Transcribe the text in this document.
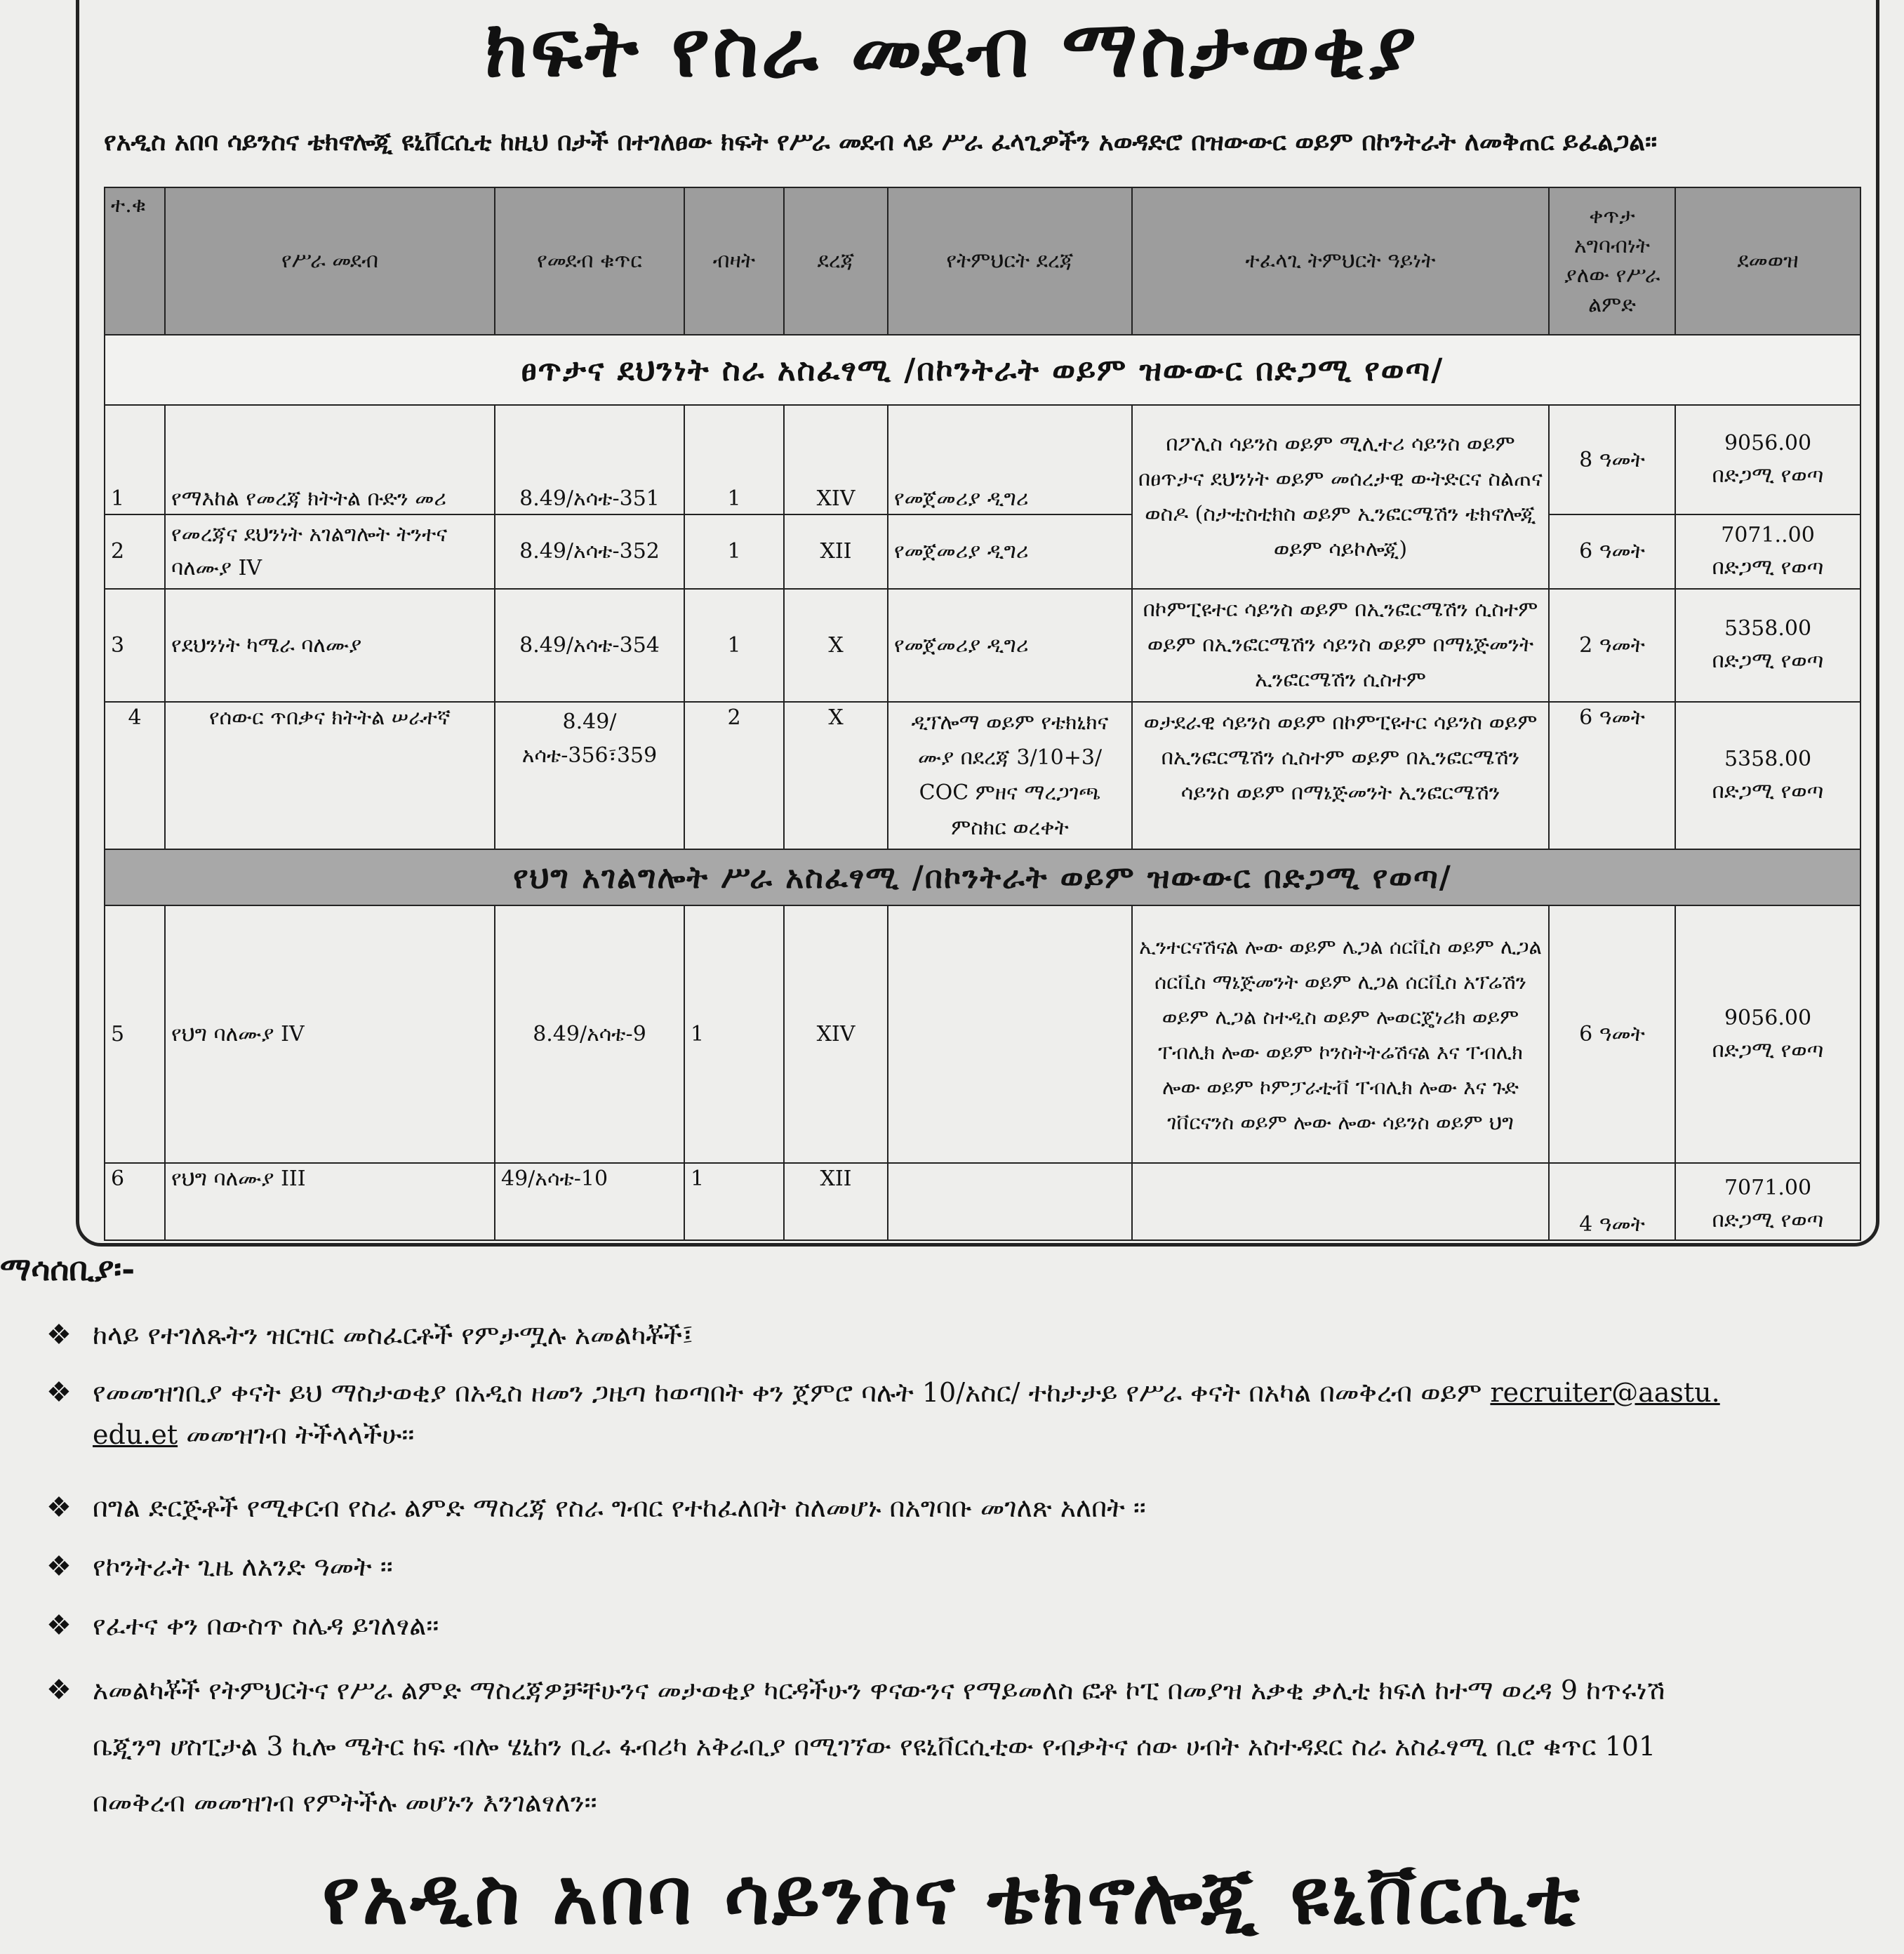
ክፍት የስራ መደብ ማስታወቂያ
የአዲስ አበባ ሳይንስና ቴክኖሎጂ ዩኒቨርሲቲ ከዚህ በታች በተገለፀው ክፍት የሥራ መደብ ላይ ሥራ ፈላጊዎችን አወዳድሮ በዝውውር ወይም በኮንትራት ለመቅጠር ይፈልጋል፡፡
ተ.ቁ	የሥራ መደብ	የመደብ ቁጥር	ብዛት	ደረጃ	የትምህርት ደረጃ	ተፈላጊ ትምህርት ዓይነት	ቀጥታ አግባብነት ያለው የሥራ ልምድ	ደመወዝ
ፀጥታና ደህንነት ስራ አስፈፃሚ /በኮንትራት ወይም ዝውውር በድጋሚ የወጣ/								
1	የማእከል የመረጃ ክትትል ቡድን መሪ	8.49/አሳቴ-351	1	XIV	የመጀመሪያ ዲግሪ	በፖሊስ ሳይንስ ወይም ሚሊተሪ ሳይንስ ወይም በፀጥታና ደህንነት ወይም መሰረታዊ ውትድርና ስልጠና ወስዶ (ስታቲስቲክስ ወይም ኢንፎርሜሽን ቴክኖሎጂ ወይም ሳይኮሎጂ)	8 ዓመት	9056.00
በድጋሚ የወጣ

2	የመረጃና ደህንነት አገልግሎት ትንተና ባለሙያ IV	8.49/አሳቴ-352	1	XII	የመጀመሪያ ዲግሪ		6 ዓመት	7071..00
በድጋሚ የወጣ

3	የደህንነት ካሜራ ባለሙያ	8.49/አሳቴ-354	1	X	የመጀመሪያ ዲግሪ	በኮምፒዩተር ሳይንስ ወይም በኢንፎርሜሽን ሲስተም ወይም በኢንፎርሜሽን ሳይንስ ወይም በማኔጅመንት ኢንፎርሜሽን ሲስተም	2 ዓመት	5358.00
በድጋሚ የወጣ

4	የሰውር ጥበቃና ክትትል ሠራተኛ	8.49/አሳቴ-356፣359	2	X	ዲፕሎማ ወይም የቴክኒክና ሙያ በደረጃ 3/10+3/ COC ምዘና ማረጋገጫ ምስክር ወረቀት	ወታደራዊ ሳይንስ ወይም በኮምፒዩተር ሳይንስ ወይም በኢንፎርሜሽን ሲስተም ወይም በኢንፎርሜሽን ሳይንስ ወይም በማኔጅመንት ኢንፎርሜሽን	6 ዓመት	5358.00
በድጋሚ የወጣ

የህግ አገልግሎት ሥራ አስፈፃሚ /በኮንትራት ወይም ዝውውር በድጋሚ የወጣ/								
5	የህግ ባለሙያ IV	8.49/አሳቴ-9	1	XIV		ኢንተርናሽናል ሎው ወይም ሌጋል ሰርቪስ ወይም ሊጋል ሰርቪስ ማኔጅመንት ወይም ሊጋል ሰርቪስ አፕሬሽን ወይም ሊጋል ስተዲስ ወይም ሎወርጄነሪክ ወይም ፐብሊክ ሎው ወይም ኮንስትትሬሽናል እና ፐብሊክ ሎው ወይም ኮምፓራቲቭ ፐብሊክ ሎው እና ጉድ ገቨርናንስ ወይም ሎው ሎው ሳይንስ ወይም ህግ	6 ዓመት	9056.00
በድጋሚ የወጣ

6	የህግ ባለሙያ III	49/አሳቴ-10	1	XII			4 ዓመት	7071.00
በድጋሚ የወጣ
ማሳሰቢያ፡-
❖ ከላይ የተገለጹትን ዝርዝር መስፈርቶች የምታሟሉ አመልካቾች፤
❖ የመመዝገቢያ ቀናት ይህ ማስታወቂያ በአዲስ ዘመን ጋዜጣ ከወጣበት ቀን ጀምሮ ባሉት 10/አስር/ ተከታታይ የሥራ ቀናት በአካል በመቅረብ ወይም recruiter@aastu.
edu.et መመዝገብ ትችላላችሁ፡፡
❖ በግል ድርጅቶች የሚቀርብ የስራ ልምድ ማስረጃ የስራ ግብር የተከፈለበት ስለመሆኑ በአግባቡ መገለጽ አለበት ፡፡
❖ የኮንትራት ጊዜ ለአንድ ዓመት ፡፡
❖ የፈተና ቀን በውስጥ ስሌዳ ይገለፃል፡፡
❖ አመልካቾች የትምህርትና የሥራ ልምድ ማስረጃዎቻቸሁንና መታወቂያ ካርዳችሁን ዋናውንና የማይመለስ ፎቶ ኮፒ በመያዝ አቃቂ ቃሊቲ ክፍለ ከተማ ወረዳ 9 ከጥሩነሽ
ቤጂንግ ሆስፒታል 3 ኪሎ ሜትር ከፍ ብሎ ሄኒከን ቢራ ፋብሪካ አቅራቢያ በሚገኘው የዩኒቨርሲቲው የብቃትና ሰው ሀብት አስተዳደር ስራ አስፈፃሚ ቢሮ ቁጥር 101
በመቅረብ መመዝገብ የምትችሉ መሆኑን እንገልፃለን፡፡
የአዲስ አበባ ሳይንስና ቴክኖሎጂ ዩኒቨርሲቲ
